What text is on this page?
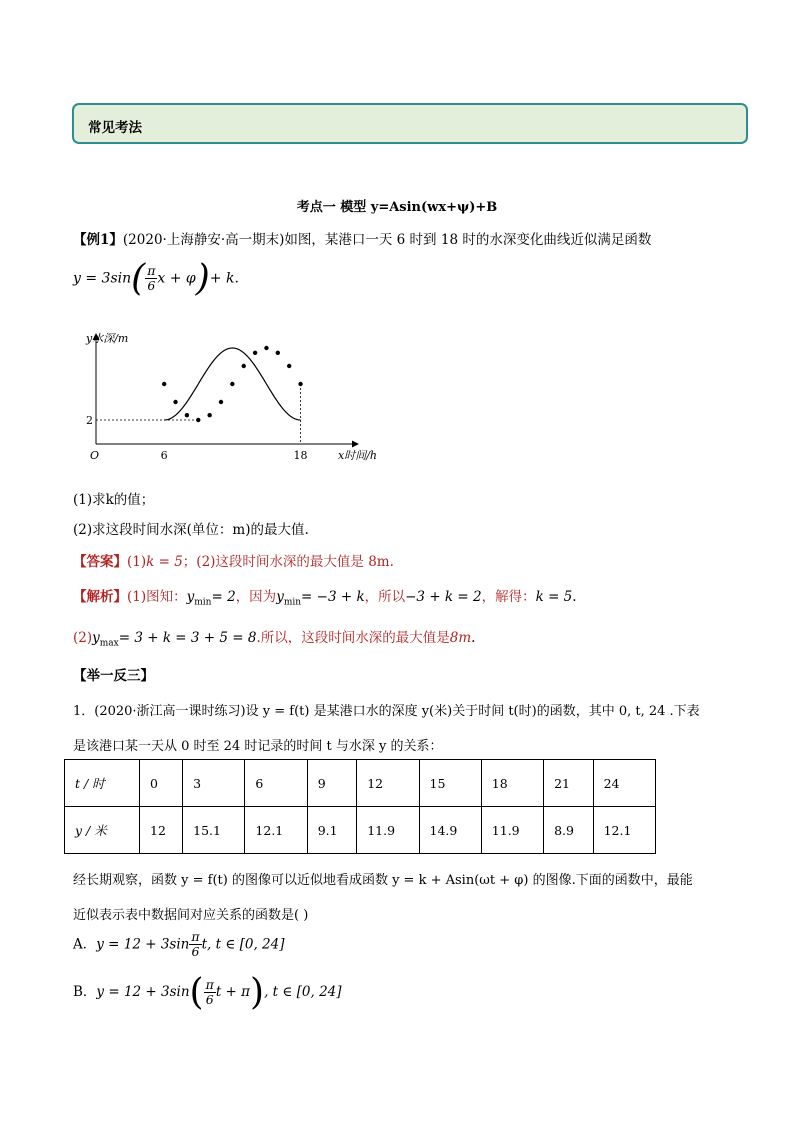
常见考法
考点一 模型 y=Asin(wx+ψ)+B
【例1】(2020·上海静安·高一期末)如图，某港口一天 6 时到 18 时的水深变化曲线近似满足函数
$y = 3\sin( \frac{\pi}{6}$ x + φ)+ k.
y水深/m
x时间/h
O	6	18
2
(1)求k的值；
(2)求这段时间水深(单位：m)的最大值.
【答案】(1)k = 5；(2)这段时间水深的最大值是 8m.
【解析】(1)图知：$y_{min}= 2$，因为$y_{min}= -3 + k$，所以−3 + k = 2，解得：k = 5.
$(2)y_{max}= 3 + k = 3 + 5 = 8$.所以，这段时间水深的最大值是8m.
【举一反三】
1．(2020·浙江高一课时练习)设 y = f(t) 是某港口水的深度 y(米)关于时间 t(时)的函数，其中 0, t, 24 .下表
是该港口某一天从 0 时至 24 时记录的时间 t 与水深 y 的关系：
t / 时	0	3	6	9	12	15	18	21	24
y / 米	12	15.1	12.1	9.1	11.9	14.9	11.9	8.9	12.1
经长期观察，函数 y = f(t) 的图像可以近似地看成函数 y = k + Asin(ωt + φ) 的图像.下面的函数中，最能
近似表示表中数据间对应关系的函数是( )
A．$y = 12 + 3\sin \frac{\pi}{6} t$, t ∈ [0, 24]
B．$y = 12 + 3\sin( \frac{\pi}{6}$ t + π), t ∈ [0, 24]
